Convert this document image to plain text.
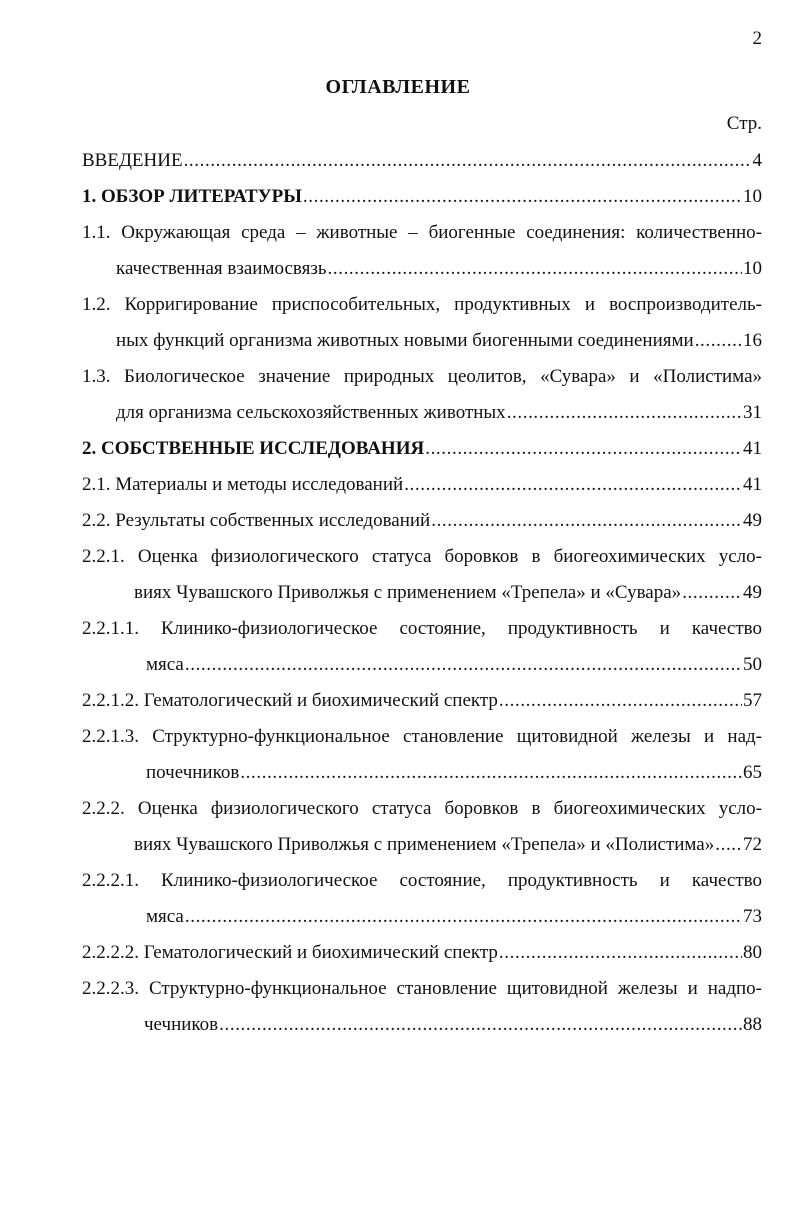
2
ОГЛАВЛЕНИЕ
Стр.
ВВЕДЕНИЕ .....	4
1. ОБЗОР ЛИТЕРАТУРЫ .....	10
1.1. Окружающая среда – животные – биогенные соединения: количественно-
качественная взаимосвязь .....	10
1.2. Корригирование приспособительных, продуктивных и воспроизводитель-
ных функций организма животных новыми биогенными соединениями .....	16
1.3. Биологическое значение природных цеолитов, «Сувара» и «Полистима»
для организма сельскохозяйственных животных .....	31
2. СОБСТВЕННЫЕ ИССЛЕДОВАНИЯ .....	41
2.1. Материалы и методы исследований .....	41
2.2. Результаты собственных исследований .....	49
2.2.1. Оценка физиологического статуса боровков в биогеохимических усло-
виях Чувашского Приволжья с применением «Трепела» и «Сувара» .....	49
2.2.1.1. Клинико-физиологическое состояние, продуктивность и качество
мяса .....	50
2.2.1.2. Гематологический и биохимический спектр .....	57
2.2.1.3. Структурно-функциональное становление щитовидной железы и над-
почечников .....	65
2.2.2. Оценка физиологического статуса боровков в биогеохимических усло-
виях Чувашского Приволжья с применением «Трепела» и «Полистима» ..... 72
2.2.2.1. Клинико-физиологическое состояние, продуктивность и качество
мяса .....	73
2.2.2.2. Гематологический и биохимический спектр .....	80
2.2.2.3. Структурно-функциональное становление щитовидной железы и надпо-
чечников .....	88
